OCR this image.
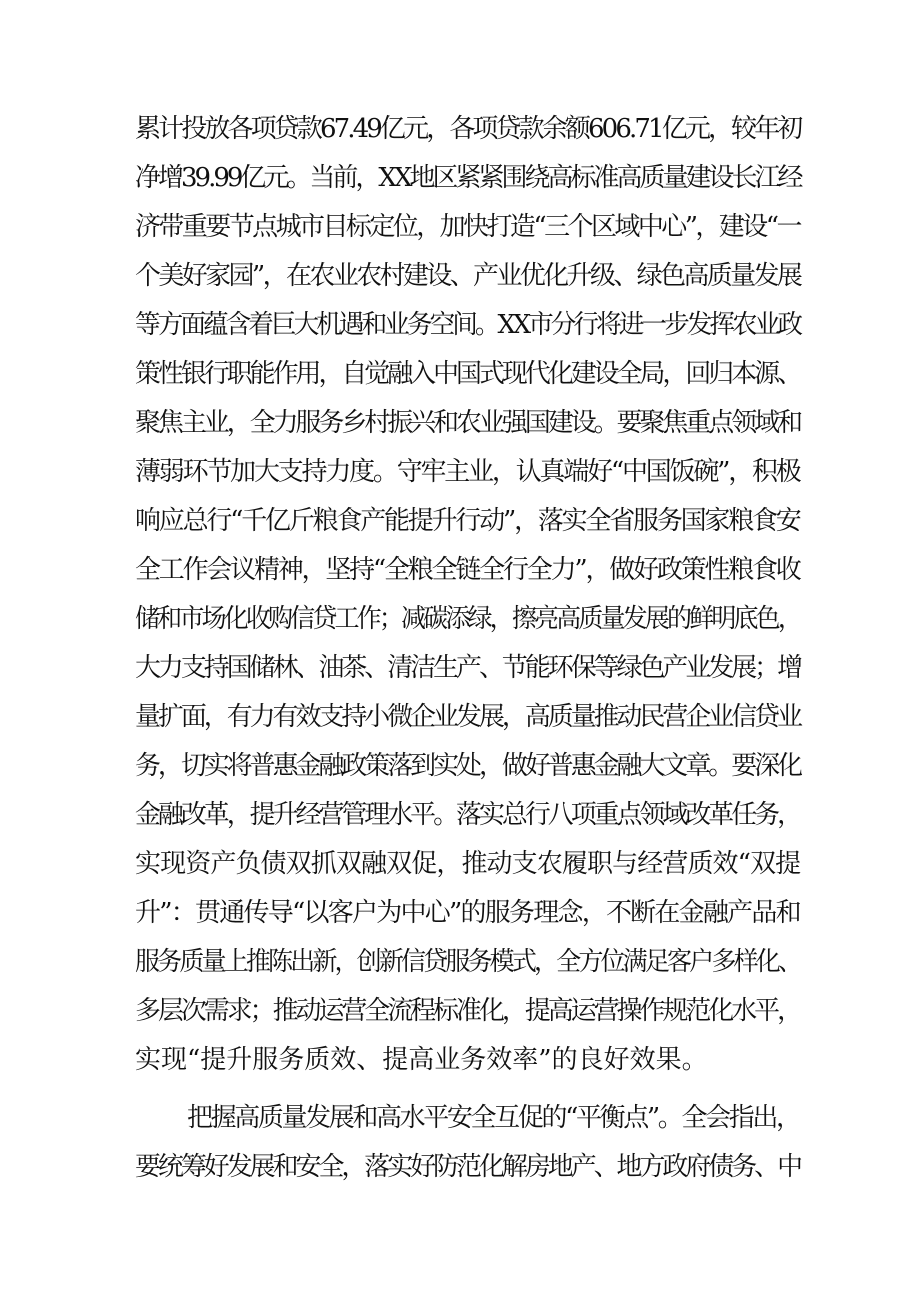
累计投放各项贷款67.49亿元，各项贷款余额606.71亿元，较年初
净增39.99亿元。当前，XX地区紧紧围绕高标准高质量建设长江经
济带重要节点城市目标定位，加快打造“三个区域中心”，建设“一
个美好家园”，在农业农村建设、产业优化升级、绿色高质量发展
等方面蕴含着巨大机遇和业务空间。XX市分行将进一步发挥农业政
策性银行职能作用，自觉融入中国式现代化建设全局，回归本源、
聚焦主业，全力服务乡村振兴和农业强国建设。要聚焦重点领域和
薄弱环节加大支持力度。守牢主业，认真端好“中国饭碗”，积极
响应总行“千亿斤粮食产能提升行动”，落实全省服务国家粮食安
全工作会议精神，坚持“全粮全链全行全力”，做好政策性粮食收
储和市场化收购信贷工作；减碳添绿，擦亮高质量发展的鲜明底色，
大力支持国储林、油茶、清洁生产、节能环保等绿色产业发展；增
量扩面，有力有效支持小微企业发展，高质量推动民营企业信贷业
务，切实将普惠金融政策落到实处，做好普惠金融大文章。要深化
金融改革，提升经营管理水平。落实总行八项重点领域改革任务，
实现资产负债双抓双融双促，推动支农履职与经营质效“双提
升”：贯通传导“以客户为中心”的服务理念，不断在金融产品和
服务质量上推陈出新，创新信贷服务模式，全方位满足客户多样化、
多层次需求；推动运营全流程标准化，提高运营操作规范化水平，
实现“提升服务质效、提高业务效率”的良好效果。
把握高质量发展和高水平安全互促的“平衡点”。全会指出，
要统筹好发展和安全，落实好防范化解房地产、地方政府债务、中
